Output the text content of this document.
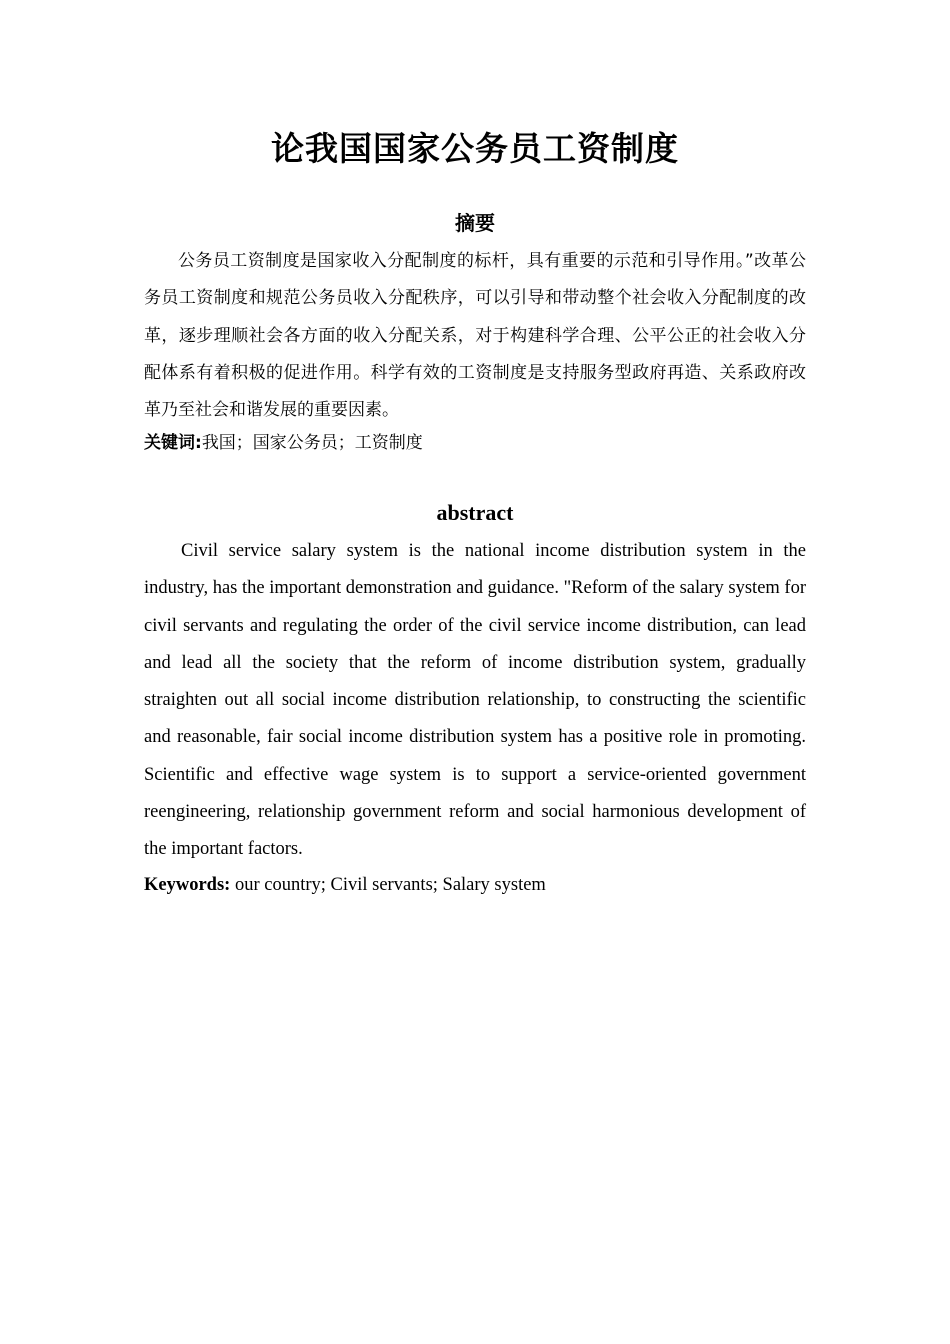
论我国国家公务员工资制度
摘要

公务员工资制度是国家收入分配制度的标杆，具有重要的示范和引导作用。”改革公务员工资制度和规范公务员收入分配秩序，可以引导和带动整个社会收入分配制度的改革，逐步理顺社会各方面的收入分配关系，对于构建科学合理、公平公正的社会收入分配体系有着积极的促进作用。科学有效的工资制度是支持服务型政府再造、关系政府改革乃至社会和谐发展的重要因素。

关键词:我国；国家公务员；工资制度

abstract

Civil service salary system is the national income distribution system in the industry, has the important demonstration and guidance. "Reform of the salary system for civil servants and regulating the order of the civil service income distribution, can lead and lead all the society that the reform of income distribution system, gradually straighten out all social income distribution relationship, to constructing the scientific and reasonable, fair social income distribution system has a positive role in promoting. Scientific and effective wage system is to support a service-oriented government reengineering, relationship government reform and social harmonious development of the important factors.

Keywords: our country; Civil servants; Salary system
